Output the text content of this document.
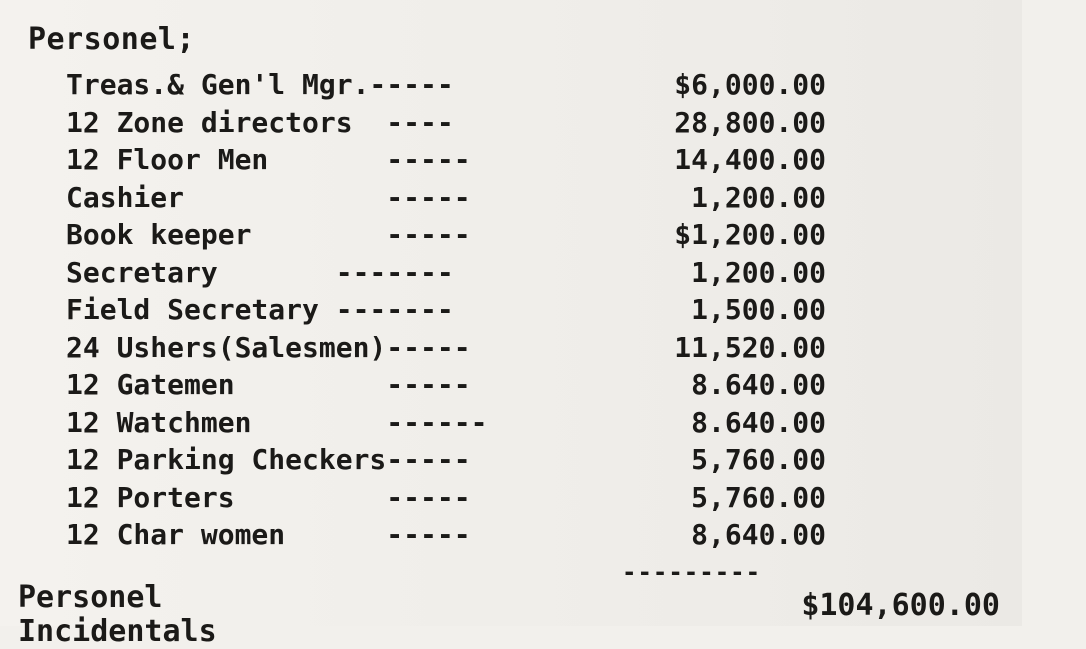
Personel;
Treas.& Gen'l Mgr.-----	$6,000.00
12 Zone directors  ----	28,800.00
12 Floor Men       -----	14,400.00
Cashier            -----	1,200.00
Book keeper        -----	$1,200.00
Secretary       -------	1,200.00
Field Secretary -------	1,500.00
24 Ushers(Salesmen)-----	11,520.00
12 Gatemen         -----	8.640.00
12 Watchmen        ------	8.640.00
12 Parking Checkers-----	5,760.00
12 Porters         -----	5,760.00
12 Char women      -----	8,640.00
---------
Personel	$104,600.00
Incidentals
